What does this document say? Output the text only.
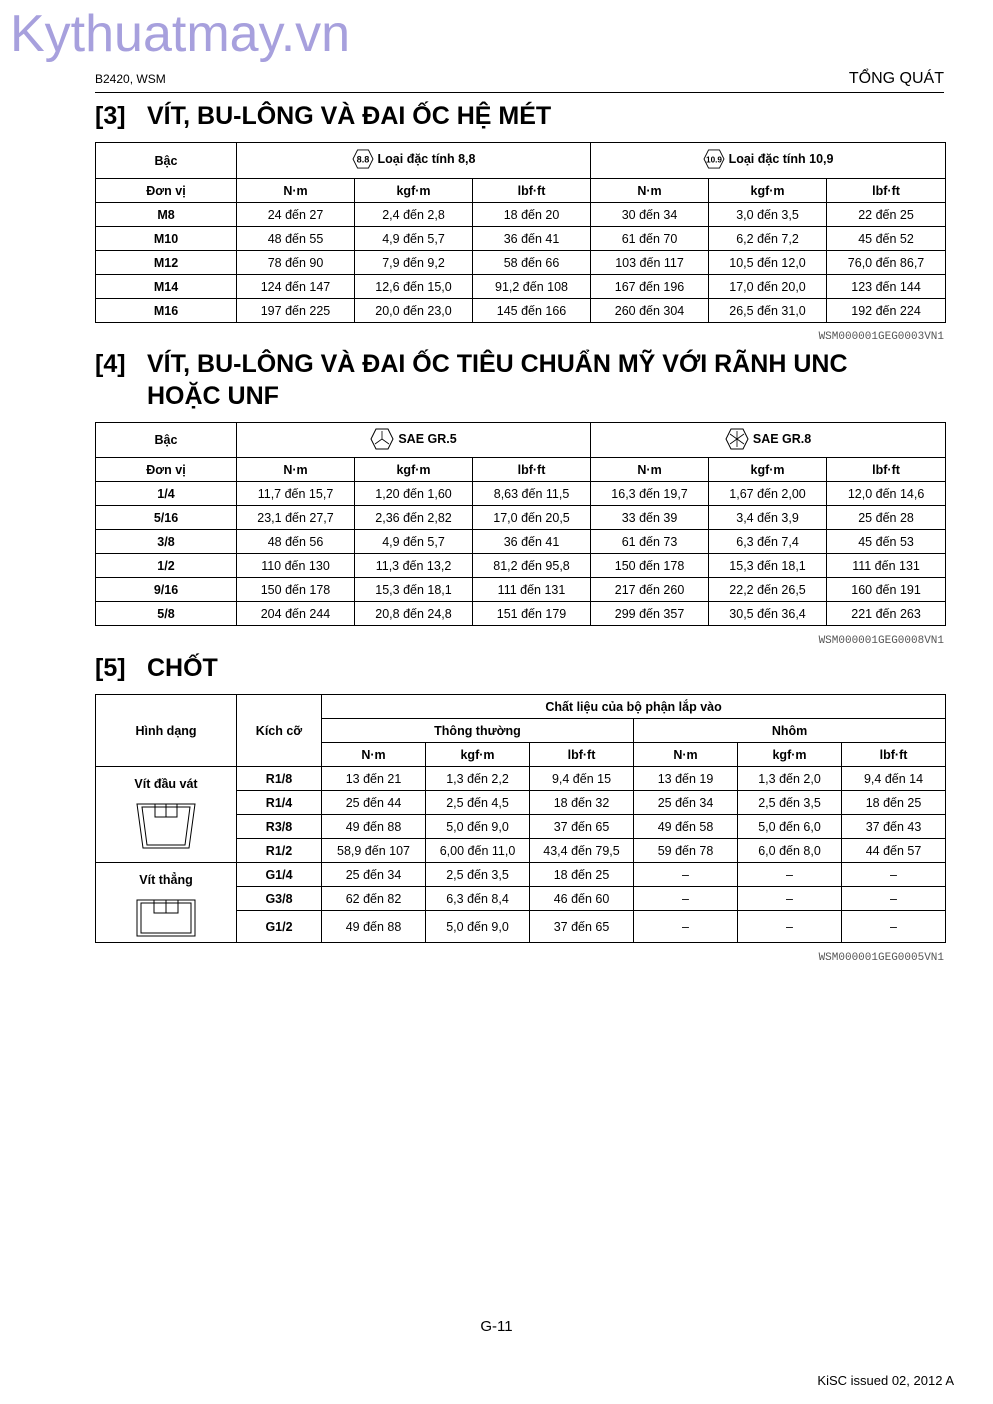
Kythuatmay.vn
B2420, WSM	TỔNG QUÁT
[3] VÍT, BU-LÔNG VÀ ĐAI ỐC HỆ MÉT
Bậc	8.8 Loại đặc tính 8,8			10.9 Loại đặc tính 10,9		

Đơn vị	N·m	kgf·m	lbf·ft	N·m	kgf·m	lbf·ft
M8	24 đến 27	2,4 đến 2,8	18 đến 20	30 đến 34	3,0 đến 3,5	22 đến 25
M10	48 đến 55	4,9 đến 5,7	36 đến 41	61 đến 70	6,2 đến 7,2	45 đến 52
M12	78 đến 90	7,9 đến 9,2	58 đến 66	103 đến 117	10,5 đến 12,0	76,0 đến 86,7
M14	124 đến 147	12,6 đến 15,0	91,2 đến 108	167 đến 196	17,0 đến 20,0	123 đến 144
M16	197 đến 225	20,0 đến 23,0	145 đến 166	260 đến 304	26,5 đến 31,0	192 đến 224
WSM000001GEG0003VN1
[4] VÍT, BU-LÔNG VÀ ĐAI ỐC TIÊU CHUẨN MỸ VỚI RÃNH UNC
HOẶC UNF
Bậc	SAE GR.5			SAE GR.8		

Đơn vị	N·m	kgf·m	lbf·ft	N·m	kgf·m	lbf·ft
1/4	11,7 đến 15,7	1,20 đến 1,60	8,63 đến 11,5	16,3 đến 19,7	1,67 đến 2,00	12,0 đến 14,6
5/16	23,1 đến 27,7	2,36 đến 2,82	17,0 đến 20,5	33 đến 39	3,4 đến 3,9	25 đến 28
3/8	48 đến 56	4,9 đến 5,7	36 đến 41	61 đến 73	6,3 đến 7,4	45 đến 53
1/2	110 đến 130	11,3 đến 13,2	81,2 đến 95,8	150 đến 178	15,3 đến 18,1	111 đến 131
9/16	150 đến 178	15,3 đến 18,1	111 đến 131	217 đến 260	22,2 đến 26,5	160 đến 191
5/8	204 đến 244	20,8 đến 24,8	151 đến 179	299 đến 357	30,5 đến 36,4	221 đến 263
WSM000001GEG0008VN1
[5] CHỐT
Hình dạng	Kích cỡ	Chất liệu của bộ phận lắp vào					
		Thông thường			Nhôm		
		N·m	kgf·m	lbf·ft	N·m	kgf·m	lbf·ft

Vít đầu vát	R1/8	13 đến 21	1,3 đến 2,2	9,4 đến 15	13 đến 19	1,3 đến 2,0	9,4 đến 14
	R1/4	25 đến 44	2,5 đến 4,5	18 đến 32	25 đến 34	2,5 đến 3,5	18 đến 25
	R3/8	49 đến 88	5,0 đến 9,0	37 đến 65	49 đến 58	5,0 đến 6,0	37 đến 43
	R1/2	58,9 đến 107	6,00 đến 11,0	43,4 đến 79,5	59 đến 78	6,0 đến 8,0	44 đến 57

Vít thẳng	G1/4	25 đến 34	2,5 đến 3,5	18 đến 25	–	–	–
	G3/8	62 đến 82	6,3 đến 8,4	46 đến 60	–	–	–
	G1/2	49 đến 88	5,0 đến 9,0	37 đến 65	–	–	–
WSM000001GEG0005VN1
G-11
KiSC issued 02, 2012 A
